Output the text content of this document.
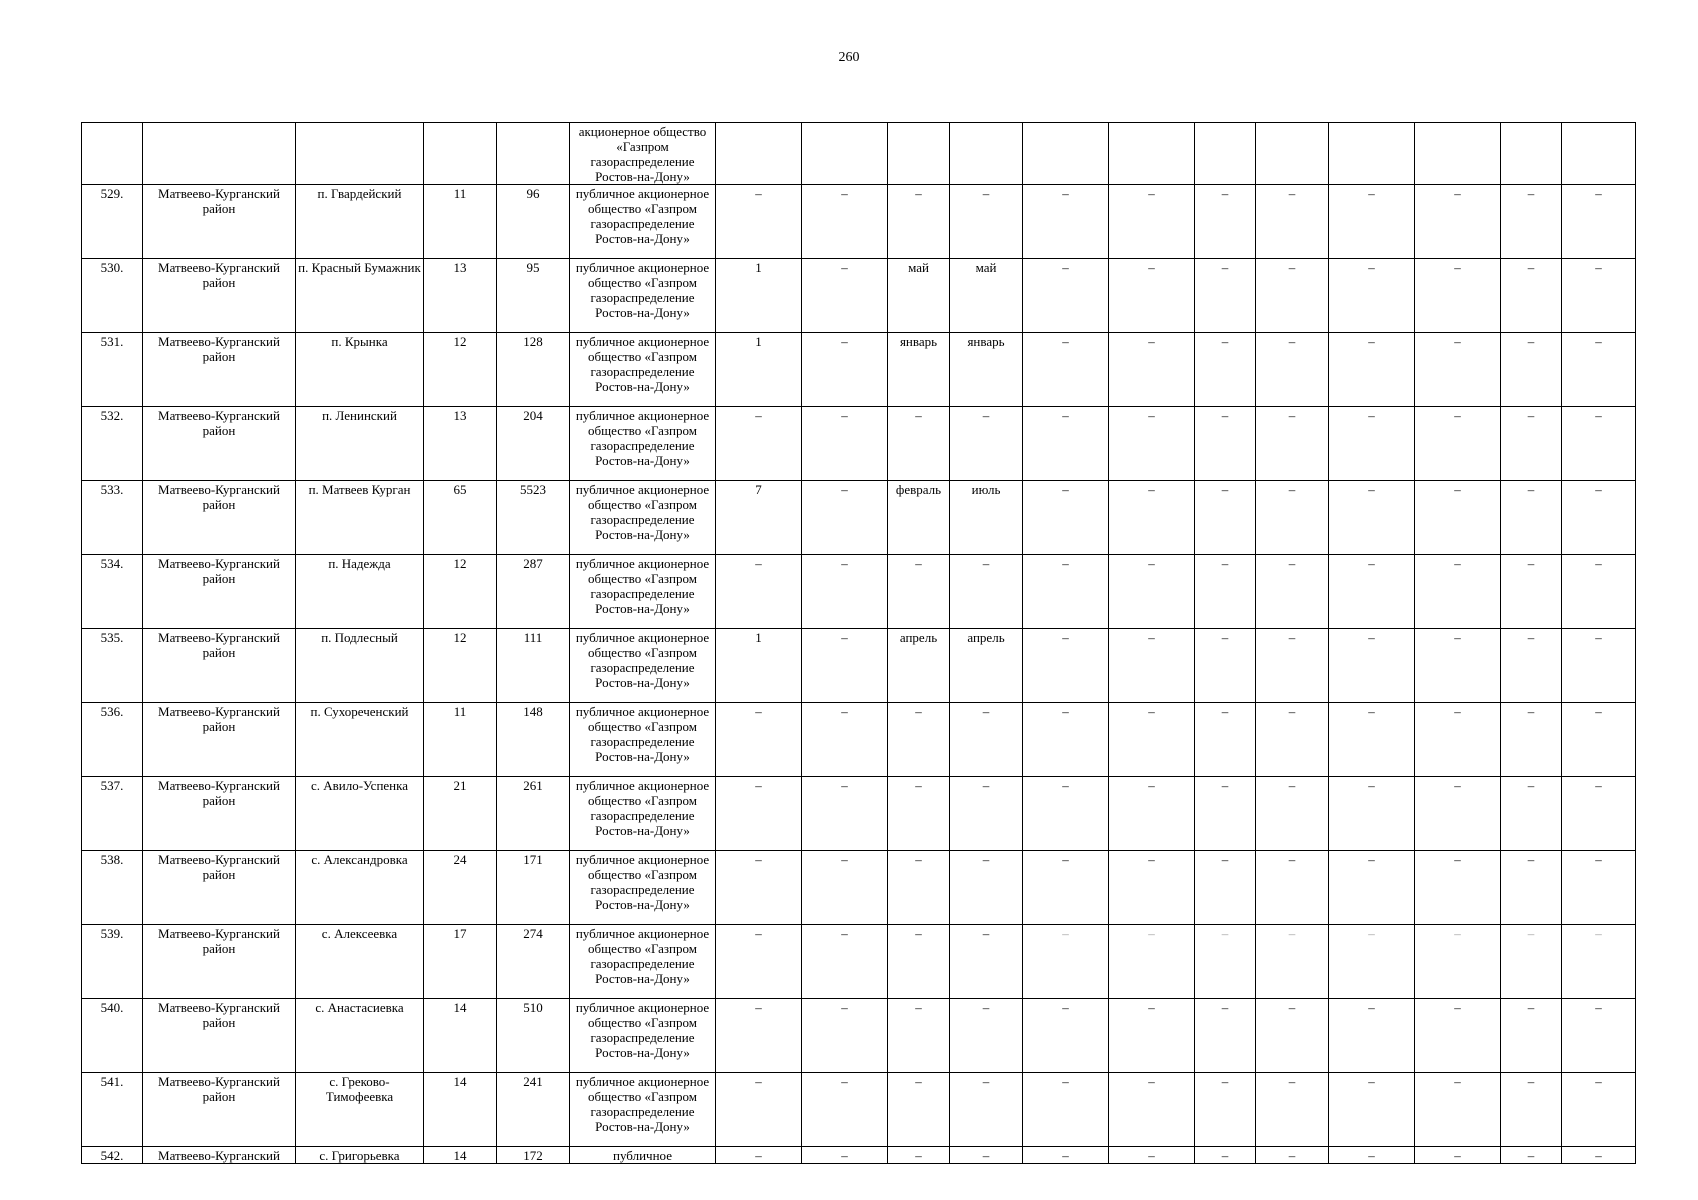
260
					акционерное общество «Газпром газораспределение Ростов-на-Дону»												
529.	Матвеево-Курганский район	п. Гвардейский	11	96	публичное акционерное общество «Газпром газораспределение Ростов-на-Дону»	–	–	–	–	–	–	–	–	–	–	–	–
530.	Матвеево-Курганский район	п. Красный Бумажник	13	95	публичное акционерное общество «Газпром газораспределение Ростов-на-Дону»	1	–	май	май	–	–	–	–	–	–	–	–
531.	Матвеево-Курганский район	п. Крынка	12	128	публичное акционерное общество «Газпром газораспределение Ростов-на-Дону»	1	–	январь	январь	–	–	–	–	–	–	–	–
532.	Матвеево-Курганский район	п. Ленинский	13	204	публичное акционерное общество «Газпром газораспределение Ростов-на-Дону»	–	–	–	–	–	–	–	–	–	–	–	–
533.	Матвеево-Курганский район	п. Матвеев Курган	65	5523	публичное акционерное общество «Газпром газораспределение Ростов-на-Дону»	7	–	февраль	июль	–	–	–	–	–	–	–	–
534.	Матвеево-Курганский район	п. Надежда	12	287	публичное акционерное общество «Газпром газораспределение Ростов-на-Дону»	–	–	–	–	–	–	–	–	–	–	–	–
535.	Матвеево-Курганский район	п. Подлесный	12	111	публичное акционерное общество «Газпром газораспределение Ростов-на-Дону»	1	–	апрель	апрель	–	–	–	–	–	–	–	–
536.	Матвеево-Курганский район	п. Сухореченский	11	148	публичное акционерное общество «Газпром газораспределение Ростов-на-Дону»	–	–	–	–	–	–	–	–	–	–	–	–
537.	Матвеево-Курганский район	с. Авило-Успенка	21	261	публичное акционерное общество «Газпром газораспределение Ростов-на-Дону»	–	–	–	–	–	–	–	–	–	–	–	–
538.	Матвеево-Курганский район	с. Александровка	24	171	публичное акционерное общество «Газпром газораспределение Ростов-на-Дону»	–	–	–	–	–	–	–	–	–	–	–	–
539.	Матвеево-Курганский район	с. Алексеевка	17	274	публичное акционерное общество «Газпром газораспределение Ростов-на-Дону»	–	–	–	–	–	–	–	–	–	–	–	–
540.	Матвеево-Курганский район	с. Анастасиевка	14	510	публичное акционерное общество «Газпром газораспределение Ростов-на-Дону»	–	–	–	–	–	–	–	–	–	–	–	–
541.	Матвеево-Курганский район	с. Греково-Тимофеевка	14	241	публичное акционерное общество «Газпром газораспределение Ростов-на-Дону»	–	–	–	–	–	–	–	–	–	–	–	–
542.	Матвеево-Курганский	с. Григорьевка	14	172	публичное	–	–	–	–	–	–	–	–	–	–	–	–
